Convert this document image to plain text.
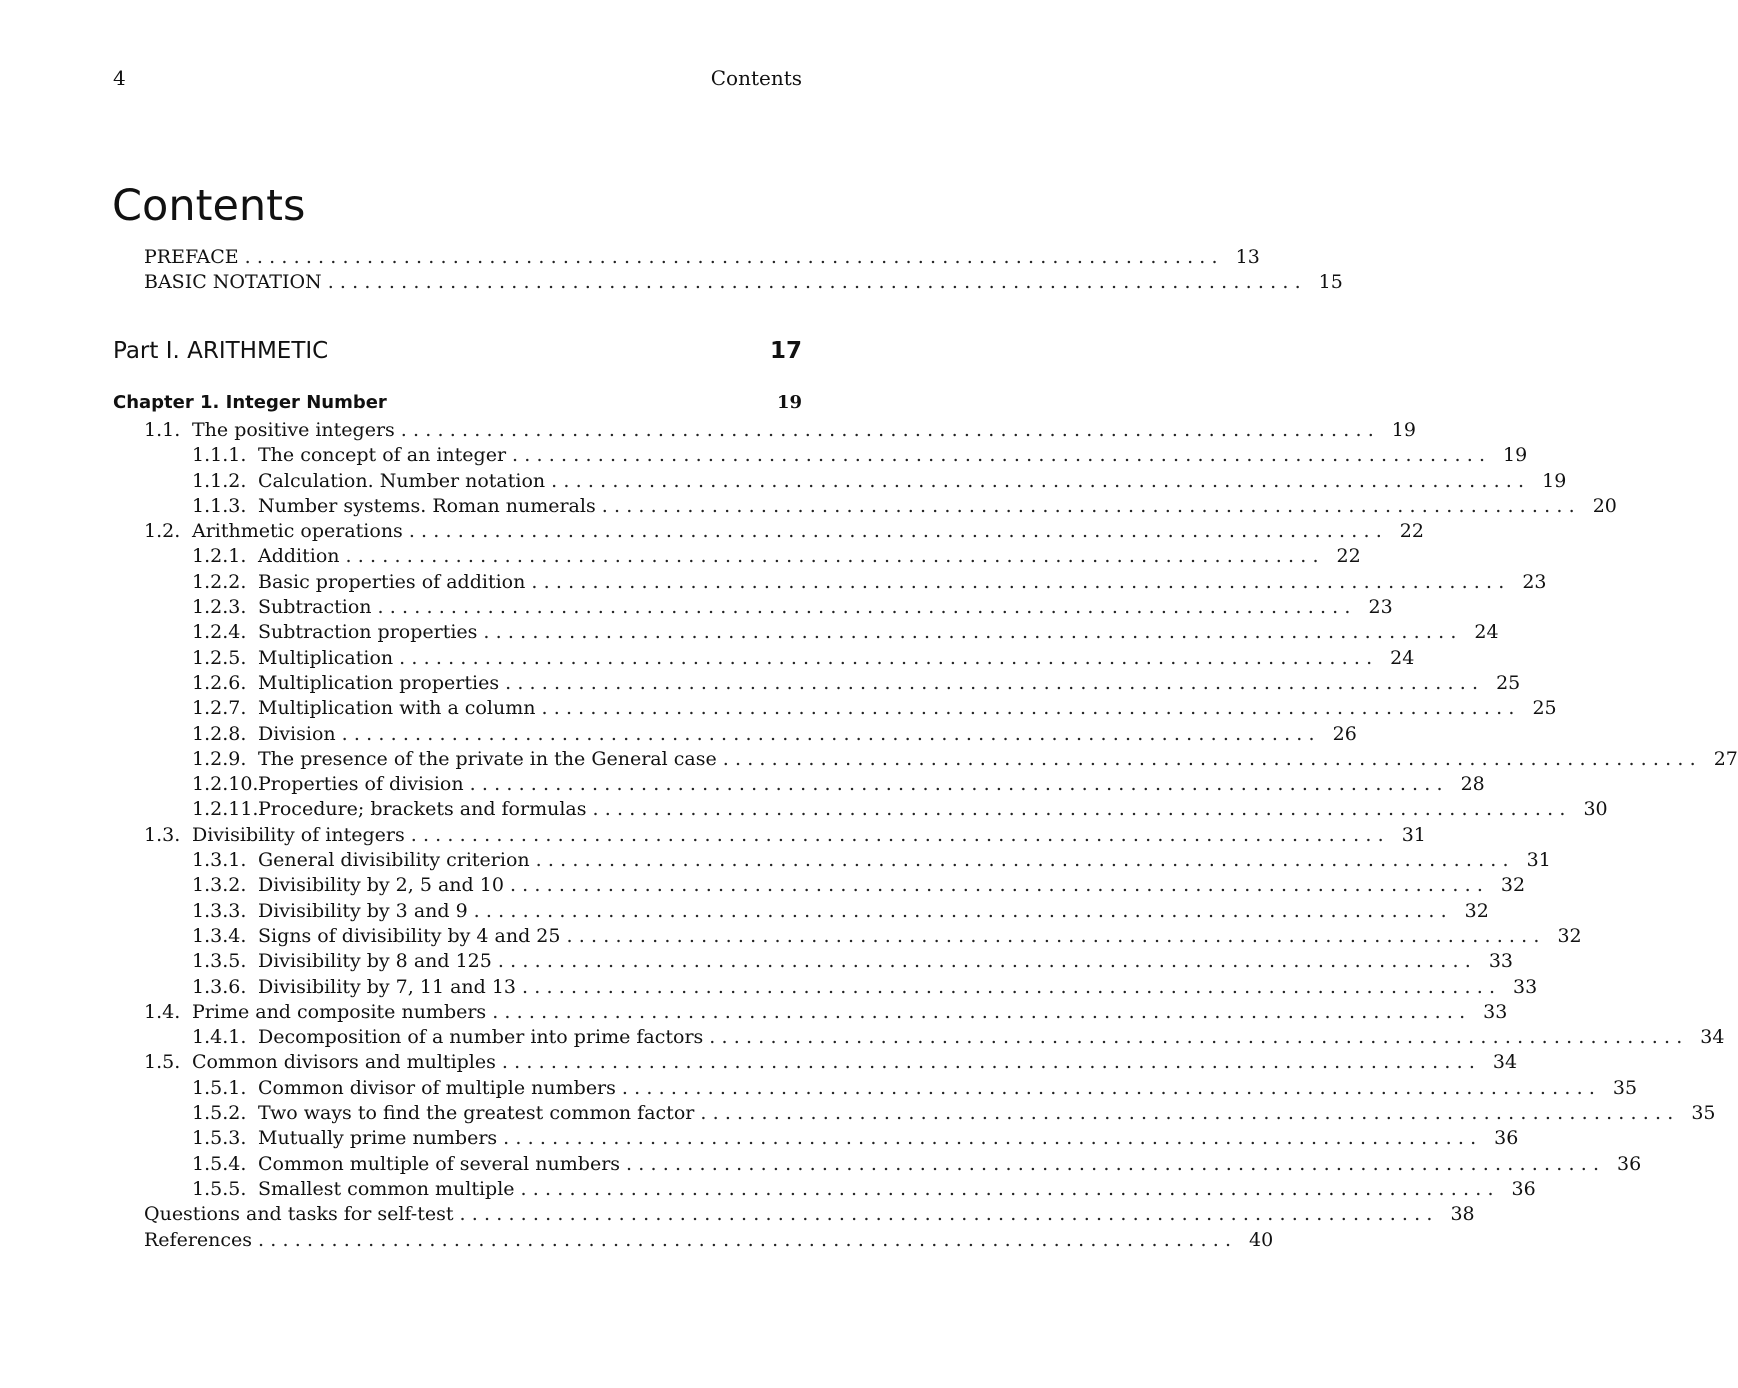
4	Contents
Contents
PREFACE ................................................................................ 13
BASIC NOTATION ................................................................................ 15
Part I. ARITHMETIC	17
Chapter 1. Integer Number	19
1.1. The positive integers ................................................................................ 19
1.1.1. The concept of an integer ................................................................................ 19
1.1.2. Calculation. Number notation ................................................................................ 19
1.1.3. Number systems. Roman numerals ................................................................................ 20
1.2. Arithmetic operations ................................................................................ 22
1.2.1. Addition ................................................................................ 22
1.2.2. Basic properties of addition ................................................................................ 23
1.2.3. Subtraction ................................................................................ 23
1.2.4. Subtraction properties ................................................................................ 24
1.2.5. Multiplication ................................................................................ 24
1.2.6. Multiplication properties ................................................................................ 25
1.2.7. Multiplication with a column ................................................................................ 25
1.2.8. Division ................................................................................ 26
1.2.9. The presence of the private in the General case ................................................................................ 27
1.2.10. Properties of division ................................................................................ 28
1.2.11. Procedure; brackets and formulas ................................................................................ 30
1.3. Divisibility of integers ................................................................................ 31
1.3.1. General divisibility criterion ................................................................................ 31
1.3.2. Divisibility by 2, 5 and 10 ................................................................................ 32
1.3.3. Divisibility by 3 and 9 ................................................................................ 32
1.3.4. Signs of divisibility by 4 and 25 ................................................................................ 32
1.3.5. Divisibility by 8 and 125 ................................................................................ 33
1.3.6. Divisibility by 7, 11 and 13 ................................................................................ 33
1.4. Prime and composite numbers ................................................................................ 33
1.4.1. Decomposition of a number into prime factors ................................................................................ 34
1.5. Common divisors and multiples ................................................................................ 34
1.5.1. Common divisor of multiple numbers ................................................................................ 35
1.5.2. Two ways to find the greatest common factor ................................................................................ 35
1.5.3. Mutually prime numbers ................................................................................ 36
1.5.4. Common multiple of several numbers ................................................................................ 36
1.5.5. Smallest common multiple ................................................................................ 36
Questions and tasks for self-test ................................................................................ 38
References ................................................................................ 40
